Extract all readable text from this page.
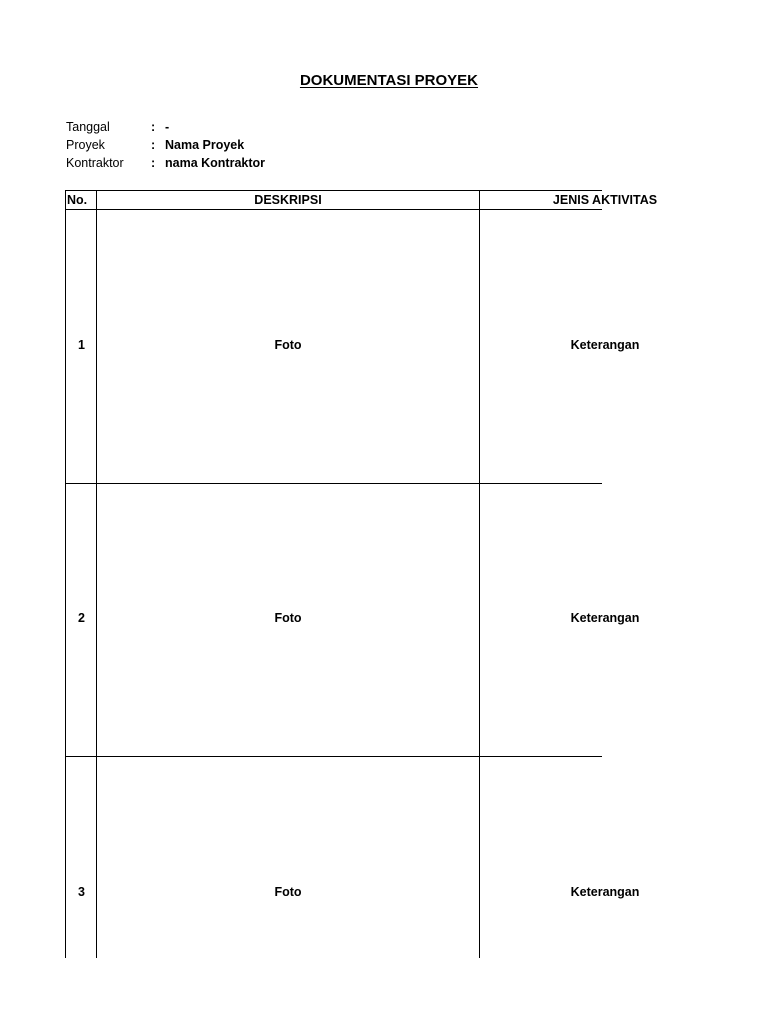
DOKUMENTASI PROYEK
Tanggal	: -
Proyek	: Nama Proyek
Kontraktor : nama Kontraktor
No.	DESKRIPSI	JENIS AKTIVITAS
1	Foto	Keterangan
2	Foto	Keterangan
3	Foto	Keterangan
